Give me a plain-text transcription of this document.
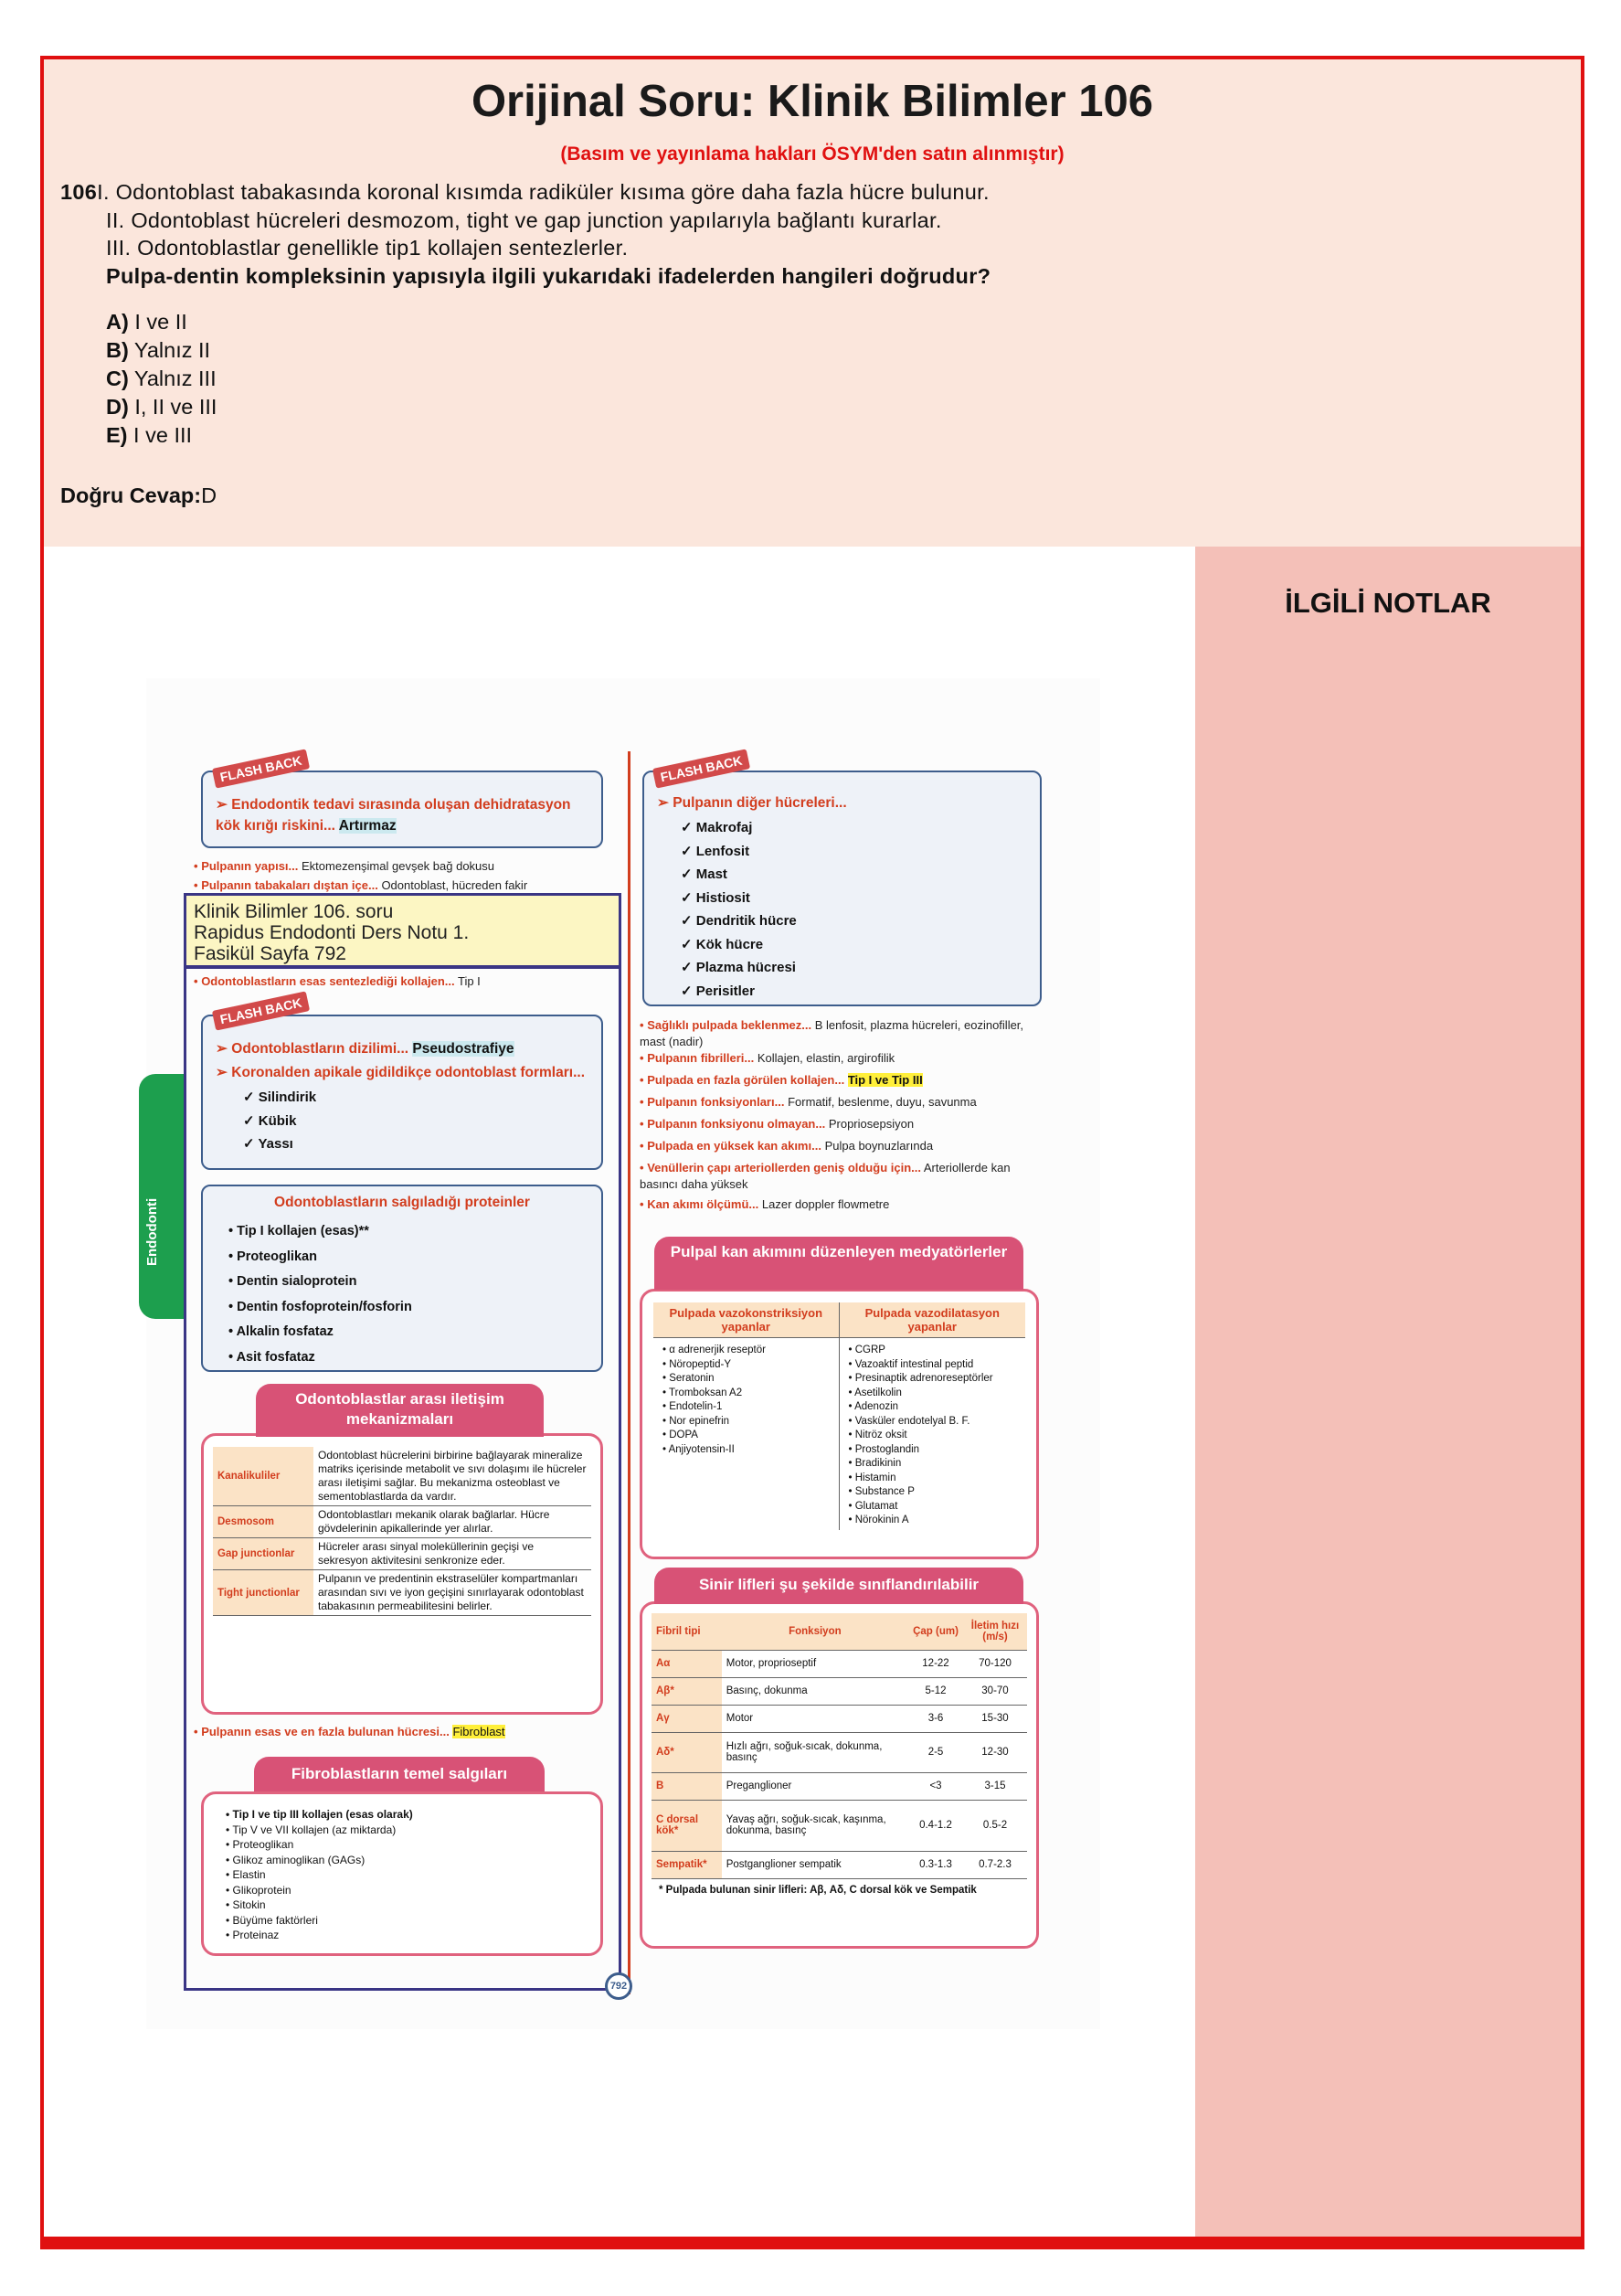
Orijinal Soru: Klinik Bilimler 106
(Basım ve yayınlama hakları ÖSYM'den satın alınmıştır)
106I. Odontoblast tabakasında koronal kısımda radiküler kısıma göre daha fazla hücre bulunur.
II. Odontoblast hücreleri desmozom, tight ve gap junction yapılarıyla bağlantı kurarlar.
III. Odontoblastlar genellikle tip1 kollajen sentezlerler.
Pulpa-dentin kompleksinin yapısıyla ilgili yukarıdaki ifadelerden hangileri doğrudur?
A) I ve II
B) Yalnız II
C) Yalnız III
D) I, II ve III
E) I ve III
Doğru Cevap:D
İLGİLİ NOTLAR
Endodonti
FLASH BACK
➢ Endodontik tedavi sırasında oluşan dehidratasyon kök kırığı riskini... Artırmaz
• Pulpanın yapısı... Ektomezenşimal gevşek bağ dokusu
• Pulpanın tabakaları dıştan içe... Odontoblast, hücreden fakir
Klinik Bilimler 106. soru
Rapidus Endodonti Ders Notu 1.
Fasikül Sayfa 792
• Odontoblastların esas sentezlediği kollajen... Tip I
FLASH BACK
➢ Odontoblastların dizilimi... Pseudostrafiye
➢ Koronalden apikale gidildikçe odontoblast formları...
✓ Silindirik
✓ Kübik
✓ Yassı
Odontoblastların salgıladığı proteinler
• Tip I kollajen (esas)**
• Proteoglikan
• Dentin sialoprotein
• Dentin fosfoprotein/fosforin
• Alkalin fosfataz
• Asit fosfataz
Odontoblastlar arası iletişim mekanizmaları
Kanalikuliler	Odontoblast hücrelerini birbirine bağlayarak mineralize matriks içerisinde metabolit ve sıvı dolaşımı ile hücreler arası iletişimi sağlar. Bu mekanizma osteoblast ve sementoblastlarda da vardır.
Desmosom	Odontoblastları mekanik olarak bağlarlar. Hücre gövdelerinin apikallerinde yer alırlar.
Gap junctionlar	Hücreler arası sinyal moleküllerinin geçişi ve sekresyon aktivitesini senkronize eder.
Tight junctionlar	Pulpanın ve predentinin ekstraselüler kompartmanları arasından sıvı ve iyon geçişini sınırlayarak odontoblast tabakasının permeabilitesini belirler.
• Pulpanın esas ve en fazla bulunan hücresi... Fibroblast
Fibroblastların temel salgıları
• Tip I ve tip III kollajen (esas olarak)
• Tip V ve VII kollajen (az miktarda)
• Proteoglikan
• Glikoz aminoglikan (GAGs)
• Elastin
• Glikoprotein
• Sitokin
• Büyüme faktörleri
• Proteinaz
792
FLASH BACK
➢ Pulpanın diğer hücreleri...
✓ Makrofaj
✓ Lenfosit
✓ Mast
✓ Histiosit
✓ Dendritik hücre
✓ Kök hücre
✓ Plazma hücresi
✓ Perisitler
• Sağlıklı pulpada beklenmez... B lenfosit, plazma hücreleri, eozinofiller, mast (nadir)
• Pulpanın fibrilleri... Kollajen, elastin, argirofilik
• Pulpada en fazla görülen kollajen... Tip I ve Tip III
• Pulpanın fonksiyonları... Formatif, beslenme, duyu, savunma
• Pulpanın fonksiyonu olmayan... Propriosepsiyon
• Pulpada en yüksek kan akımı... Pulpa boynuzlarında
• Venüllerin çapı arteriollerden geniş olduğu için... Arteriollerde kan basıncı daha yüksek
• Kan akımı ölçümü... Lazer doppler flowmetre
Pulpal kan akımını düzenleyen medyatörlerler
Pulpada vazokonstriksiyon yapanlar
Pulpada vazodilatasyon yapanlar
• α adrenerjik reseptör
• Nöropeptid-Y
• Seratonin
• Tromboksan A2
• Endotelin-1
• Nor epinefrin
• DOPA
• Anjiyotensin-II
• CGRP
• Vazoaktif intestinal peptid
• Presinaptik adrenoreseptörler
• Asetilkolin
• Adenozin
• Vasküler endotelyal B. F.
• Nitröz oksit
• Prostoglandin
• Bradikinin
• Histamin
• Substance P
• Glutamat
• Nörokinin A
Sinir lifleri şu şekilde sınıflandırılabilir
Fibril tipi	Fonksiyon	Çap (um)	İletim hızı (m/s)
Aα	Motor, proprioseptif	12-22	70-120
Aβ*	Basınç, dokunma	5-12	30-70
Aγ	Motor	3-6	15-30
Aδ*	Hızlı ağrı, soğuk-sıcak, dokunma, basınç	2-5	12-30
B	Preganglioner	<3	3-15
C dorsal kök*	Yavaş ağrı, soğuk-sıcak, kaşınma, dokunma, basınç	0.4-1.2	0.5-2
Sempatik*	Postganglioner sempatik	0.3-1.3	0.7-2.3
* Pulpada bulunan sinir lifleri: Aβ, Aδ, C dorsal kök ve Sempatik
